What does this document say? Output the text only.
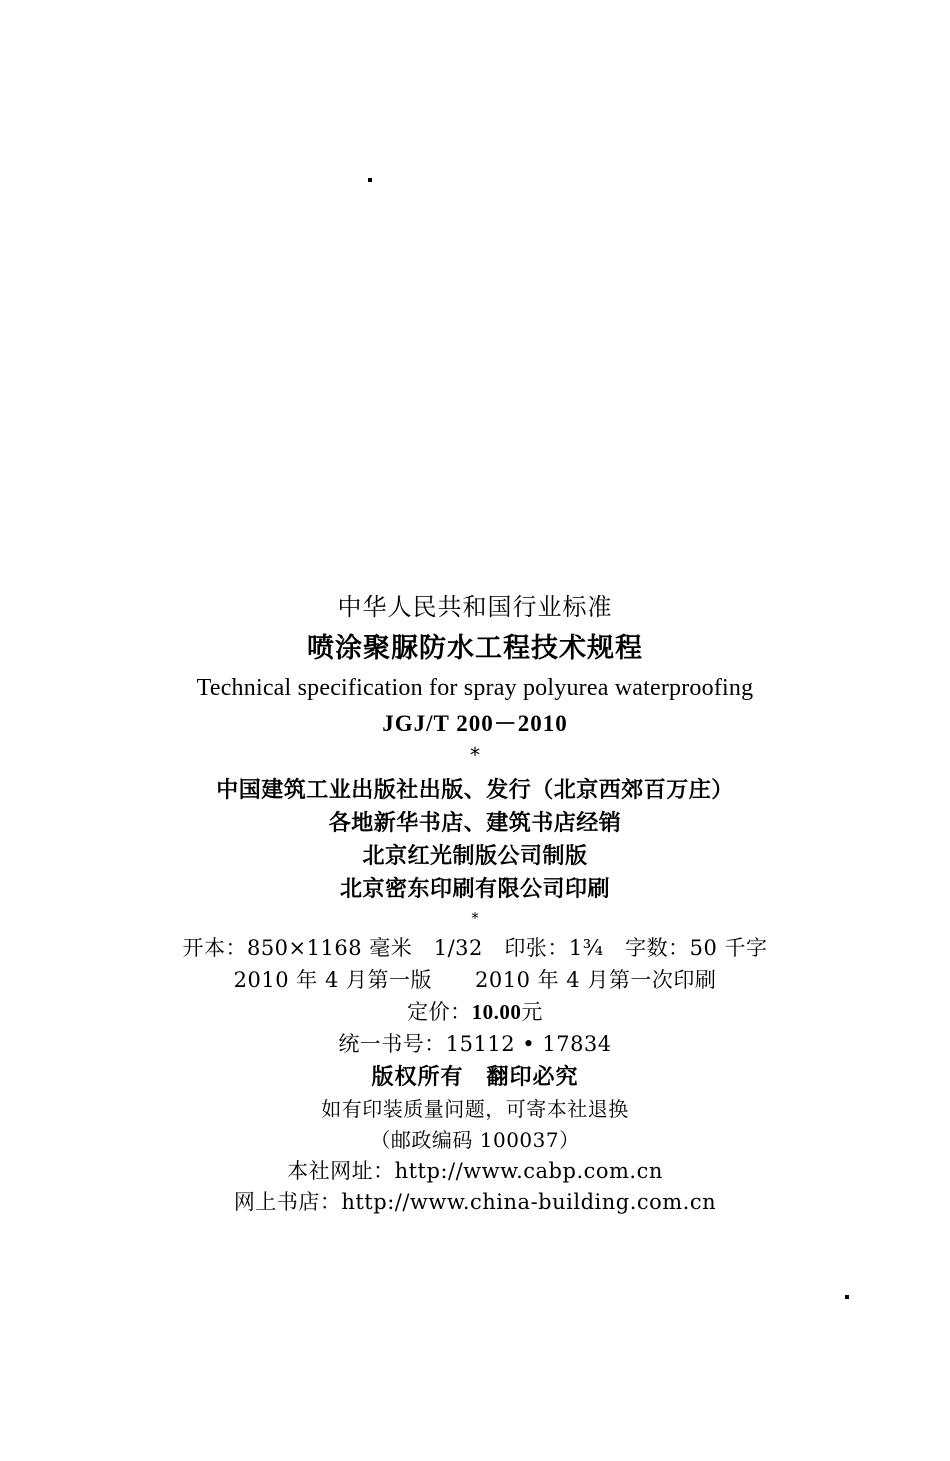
中华人民共和国行业标准
喷涂聚脲防水工程技术规程
Technical specification for spray polyurea waterproofing
JGJ/T 200－2010
*
中国建筑工业出版社出版、发行（北京西郊百万庄）
各地新华书店、建筑书店经销
北京红光制版公司制版
北京密东印刷有限公司印刷
*
开本：850×1168 毫米　1/32　印张：1¾　字数：50 千字
2010 年 4 月第一版　　2010 年 4 月第一次印刷
定价：10.00元
统一书号：15112 • 17834
版权所有　翻印必究
如有印装质量问题，可寄本社退换
（邮政编码 100037）
本社网址：http://www.cabp.com.cn
网上书店：http://www.china-building.com.cn
